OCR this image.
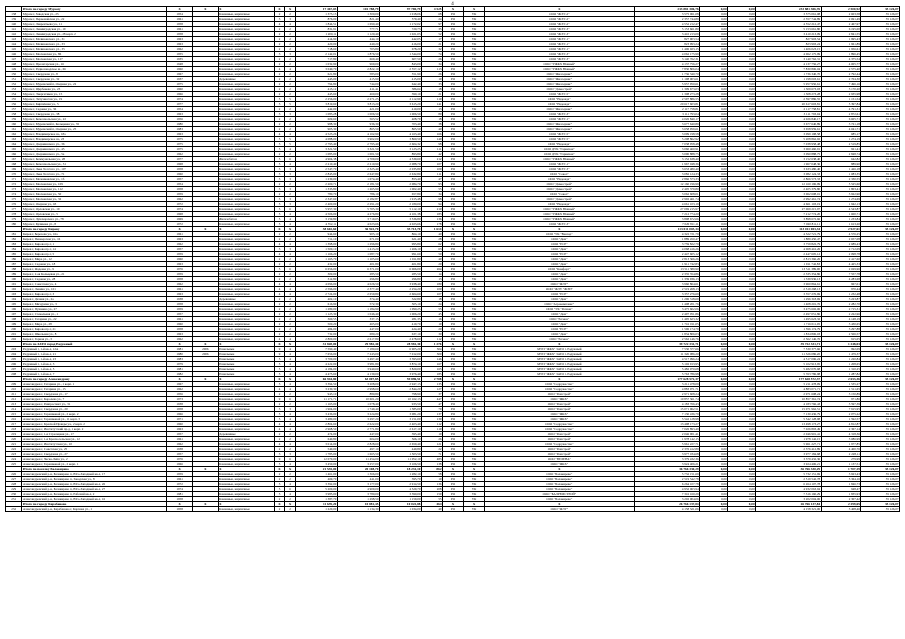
4
	Итого по городу Мурому	Х	Х	Х	Х	Х	17 467,03	101 788,79	97 769,79	4 525	Х	Х	Х	233 881 306,76	0,00	0,00	233 881 306,76	2 500,92	35 126,07
138	Муром г, Заводская ул., 23	1954		Каменные, кирпичные	2	2	1 373,13	1 300,00	1 018,06	68	РО	УК	ООО "ЖЭУ-2"	3 575 061,08	0,00	0,00	3 575 061,08	2 603,58	35 126,07
139	Муром г, Первомайская ул., 22	1961		Каменные, кирпичные	3	3	876,00	821,40	579,40	24	РО	УК	ООО "ЖЭУ-2"	2 357 744,89	0,00	0,00	2 357 744,89	2 691,49	35 126,07
140	Муром г, Лаврентьева ул., 11	1958		Каменные, кирпичные	4	4	1 844,51	1 690,40	1 172,02	97	РО	УК	ООО "ЖЭУ-2"	4 552 212,47	0,00	0,00	4 552 212,47	2 467,97	35 126,07
141	Муром г, Ленинградская ул., 19	1961		Каменные, кирпичные	2	2	831,91	777,71	720,73	35	РО	УК	ООО "ЖЭУ-3"	5 153 661,80	0,00	0,00	5 153 661,80	6 195,00	35 126,07
142	Муром г, Ленинградская ул., 28 корп. 2	1958		Каменные, кирпичные	2	2	1 200,11	1 120,40	1 021,03	52	РО	УК	ООО "ЖЭУ-3"	3 410 213,09	0,00	0,00	3 410 213,09	2 841,55	35 126,07
143	Муром г, Малиновского ул., 31	1963		Каменные, кирпичные	2	2	414,90	444,10	442,05	17	РО	УК	ООО "ЖЭУ-1"	827 903,54	0,00	0,00	827 903,54	1 995,43	35 126,07
144	Муром г, Малиновского ул., 33	1963		Каменные, кирпичные	2	2	420,00	440,20	416,00	21	РО	УК	ООО "ЖЭУ-1"	823 993,24	0,00	0,00	823 993,24	1 961,89	35 126,07
145	Муром г, Малиновского ул., 35	1962		Каменные, кирпичные	2	2	718,60	703,80	678,20	32	РО	УК	ООО "ЖЭУ-1"	1 406 023,15	0,00	0,00	1 406 023,15	1 956,61	35 126,07
146	Муром г, Московская ул., 86	1955		Каменные, кирпичные	3	3	2 142,01	1 876,50	1 344,00	74	РО	УК	ООО "ЖЭУ-3"	4 062 175,99	0,00	0,00	4 062 175,99	1 896,45	35 126,07
147	Муром г, Московская ул., 117	1935		Каменные, кирпичные	2	2	717,80	669,40	607,50	26	РО	УК	ООО "ЖЭУ-3"	3 140 762,31	0,00	0,00	3 140 762,31	4 375,54	35 126,07
148	Муром г, Пролетарская ул., 16	1948		Каменные, кирпичные	2	2	1 032,90	969,00	843,00	34	РО	УК	ООО "УЖКХ Южный"	4 137 756,27	0,00	0,00	4 137 756,27	4 005,77	35 126,07
149	Муром г, Радиозаводское ш., 66	1960		Каменные, кирпичные	4	4	3 040,70	2 822,10	2 557,12	113	РО	УК	ООО "УЖКХ Южный"	7 830 806,04	0,00	0,00	7 830 806,04	2 575,40	35 126,07
150	Муром г, Свердлова ул., 8	1967		Каменные, кирпичные	2	2	621,80	583,00	551,90	26	РО	УК	ООО "Жилсервис"	1 736 340,70	0,00	0,00	1 736 340,70	2 792,44	35 126,07
151	Муром г, Свердлова ул., 32	1937		Деревянные	2	2	443,00	415,90	415,00	19	РО	УК	ООО "Жилсервис"	1 198 003,61	0,00	0,00	1 198 003,61	2 704,30	35 126,07
152	Муром г, Муромский п, Озерная ул., 22	1975		Каменные, кирпичные	2	2	794,80	744,00	642,40	33	РО	УК	ООО "Жилсервис"	5 957 950,61	0,00	0,00	5 957 950,61	7 496,16	35 126,07
153	Муром г, Щербакова ул., 23	1960		Каменные, кирпичные	2	2	413,12	411,41	386,64	18	РО	УК	ООО "Домострой"	1 309 673,03	0,00	0,00	1 309 673,03	3 170,20	35 126,07
154	Муром г, Энергетиков ул., 15	1966		Каменные, кирпичные	2	2	445,60	460,00	390,10	21	РО	УК	ООО "ЖЭУ-5"	1 308 273,28	0,00	0,00	1 308 273,28	2 935,98	35 126,07
155	Муром г, Энтузиастов ул., 19	1974		Каменные, кирпичные	5	5	2 256,00	2 271,25	2 112,99	119	РО	УК	ООО "Надежда"	2 597 886,55	0,00	0,00	2 597 886,55	1 151,54	35 126,07
156	Муром г, Кирпичная ул., 5	1977		Каменные, кирпичные	5	5	3 819,60	3 813,20	3 615,20	141	РО	УК	ООО "Надежда"	20 617 603,81	0,00	0,00	20 617 603,81	5 397,84	35 126,07
157	Муром г, Садовая ул., 36	1954		Каменные, кирпичные	2	2	442,00	421,00	410,00	13	РО	УК	ООО "Жилсервис"	2 117 758,81	0,00	0,00	2 117 758,81	4 791,31	35 126,07
158	Муром г, Свердлова ул., 38	1963		Каменные, кирпичные	3	3	1 083,28	1 006,50	1 006,50	89	РО	УК	ООО "ЖЭУ-3"	3 111 793,04	0,00	0,00	3 111 793,04	2 872,61	35 126,07
159	Муром г, Комсомольская ул., 22	1956		Каменные, кирпичные	2	2	609,60	563,52	408,79	18	РО	УК	ООО "ЖЭУ-1"	4 026 840,17	0,00	0,00	4 026 840,17	6 605,71	35 126,07
160	Муром г, Муромский п, Кольцевая ул., 35	1980		Каменные, кирпичные	2	2	988,30	936,30	703,40	38	РО	УК	ООО "Жилсервис"	3 677 640,89	0,00	0,00	3 677 640,89	3 721,18	35 126,07
161	Муром г, Муромский п, Озерная ул., 25	1983		Каменные, кирпичные	2	2	905,30	865,50	865,50	40	РО	УК	ООО "Жилсервис"	3 658 959,61	0,00	0,00	3 658 959,61	4 041,71	35 126,07
162	Муром г, Владимирское ш., 18а	1963		Каменные, кирпичные	4	4	4 523,26	4 162,90	4 163,40	166	РО	УК	ООО "ЖЭУ-5"	3 099 198,58	0,00	0,00	3 099 198,58	685,17	35 126,07
163	Муром г, Владимирское ш., 23	1975		Каменные, кирпичные	5	5	4 088,00	3 902,00	3 860,50	149	РО	УК	ООО "ЖЭУ-5"	5 208 862,92	0,00	0,00	5 208 862,92	1 274,19	35 126,07
164	Муром г, Дзержинского ул., 36	1975		Каменные, кирпичные	5	5	2 793,40	2 795,40	2 604,32	98	РО	УК	ООО "Надежда"	7 038 958,48	0,00	0,00	7 038 958,48	2 519,85	35 126,07
165	Муром г, Дзержинского ул., 45	1975		Каменные, кирпичные	5	4	3 321,50	3 321,50	3 123,25	111	РО	УК	ООО ДУК "Гарнизон"	3 060 460,91	0,00	0,00	3 060 460,91	921,41	35 126,07
166	Муром г, Дзержинского ул., 5а	1962		Каменные, кирпичные	2	2	1 085,00	1 001,50	893,80	42	РО	УК	ООО ДУК "Гарнизон"	3 090 888,75	0,00	0,00	3 090 888,75	2 848,74	35 126,07
167	Муром г, Коммунальная ул., 28	1977		Железобетон	5	6	4 904,38	4 709,00	4 539,60	212	РО	УК	ООО "УЖКХ Южный"	3 152 638,40	0,00	0,00	3 152 638,40	642,82	35 126,07
168	Муром г, Комсомольская ул., 31	1968		Каменные, кирпичные	5	4	2 210,40	2 210,90	2 088,70	107	РО	УК	ООО "ЖЭУ-1"	1 967 048,36	0,00	0,00	1 967 048,36	889,90	35 126,07
169	Муром г, Льва Толстого ул., 107	1958		Каменные, кирпичные	3	3	2 547,70	2 325,40	2 035,80	109	РО	УК	ООО "ЖЭУ-3"	3 633 480,40	0,00	0,00	3 633 480,40	1 426,18	35 126,07
170	Муром г, Льва Толстого ул., 71	1960		Каменные, кирпичные	3	3	2 845,00	2 647,80	2 632,80	111	РО	УК	ООО "Сокол"	3 082 124,33	0,00	0,00	3 082 124,33	1 083,35	35 126,07
171	Муром г, Меленковская ул., 1б	1957		Каменные, кирпичные	3	3	1 230,00	1 074,40	853,40	47	РО	УК	ООО "Надежда"	2 866 573,33	0,00	0,00	2 866 573,33	2 330,55	35 126,07
172	Муром г, Московская ул., 109	1954		Каменные, кирпичные	2	2	2 200,71	2 181,50	2 084,70	93	РО	УК	ООО "Домострой"	12 160 196,99	0,00	0,00	12 160 196,99	5 525,60	35 126,07
173	Муром г, Московская ул., 112	1958		Каменные, кирпичные	3	3	1 333,80	1 265,90	1 002,40	55	РО	УК	ООО "Домострой"	2 405 379,80	0,00	0,00	2 405 379,80	1 803,41	35 126,07
174	Муром г, Московская ул., 50	1959		Каменные, кирпичные	2	2	780,70	786,10	657,80	34	РО	УК	ООО "Сокол"	3 062 608,01	0,00	0,00	3 062 608,01	3 922,90	35 126,07
175	Муром г, Московская ул., 32	1962		Каменные, кирпичные	3	3	2 347,60	2 182,87	1 915,48	98	РО	УК	ООО "Домострой"	2 992 461,74	0,00	0,00	2 992 461,74	1 274,69	35 126,07
176	Муром г, Озерная ул., 63	1972		Каменные, кирпичные	5	3	2 400,00	2 291,20	2 180,00	94	РО	УК	ООО "Надежда"	4 661 103,19	0,00	0,00	4 661 103,19	1 942,13	35 126,07
177	Муром г, Орловская ул., 19	1974		Каменные, кирпичные	5	6	5 957,30	5 705,30	5 112,10	210	РО	УК	ООО "УЖКХ Южный"	27 069 215,97	0,00	0,00	27 069 215,97	4 543,87	35 126,07
178	Муром г, Орловская ул., 5	1968		Каменные, кирпичные	5	4	4 506,00	4 276,80	4 101,38	183	РО	УК	ООО "УЖКХ Южный"	7 212 774,20	0,00	0,00	7 212 774,20	1 600,71	35 126,07
179	Муром г, Луначарского ул., 78	1969		Железобетон	5	4	3 159,80	3 719,05	3 536,80	136	РО	УК	ООО "УЖКХ Южный"	3 898 672,66	0,00	0,00	3 898 672,66	1 233,84	35 126,07
180	Муром г, Куликова ул., 8	1972		Каменные, кирпичные	5	4	4 352,11	4 023,66	4 023,66	178	РО	УК	ООО "ЖЭУ-3"	7 020 811,11	0,00	0,00	7 020 811,11	1 613,20	35 126,07
	Итого по городу Кирову	Х	Х	Х	Х	Х	38 602,60	36 922,70	35 713,70	1 614	Х	Х	Х	113 011 003,34	0,00	0,00	113 011 003,34	2 927,61	35 126,07
181	Киров г, Березова ул., 16а	1961		Каменные, кирпичные	2	2	944,60	905,10	864,10	40	РО	УК	ООО "УК "Вектор"	4 322 721,79	0,00	0,00	4 322 721,79	4 576,25	35 126,07
182	Киров г, Пионерская ул., 16	1963		Каменные, кирпичные	2	2	711,10	671,00	621,40	28	РО	УК	ООО "Дом"	1 889 450,47	0,00	0,00	1 889 450,47	2 657,08	35 126,07
183	Киров г, Кирова пр-т, 1	1962		Каменные, кирпичные	4	4	1 398,00	1 296,80	995,80	62	РО	УК	ООО "ЕСР"	3 759 822,79	0,00	0,00	3 759 822,79	2 689,43	35 126,07
184	Киров г, Кирова пр-т, 14	1957		Каменные, кирпичные	3	3	1 500,10	1 413,20	1 266,10	63	РО	УК	ООО "Дом"	4 068 416,26	0,00	0,00	4 068 416,26	2 712,09	35 126,07
185	Киров г, Кирова пр-т, 5	1959		Каменные, кирпичные	4	4	1 166,20	1 087,70	991,60	50	РО	УК	ООО "ЕСР"	2 447 605,12	0,00	0,00	2 447 605,12	2 098,78	35 126,07
186	Киров г, Мира ул., 12	1960		Каменные, кирпичные	2	2	1 163,70	1 105,60	1 011,80	49	РО	УК	ООО "Дом"	2 813 366,26	0,00	0,00	2 813 366,26	2 417,60	35 126,07
187	Киров г, Садовая ул., 18	1963		Каменные, кирпичные	2	2	432,00	401,80	401,80	20	РО	УК	ООО "Дом"	1 911 742,83	0,00	0,00	1 911 742,83	4 425,33	35 126,07
188	Киров г, Фадеева ул., 9	1976		Каменные, кирпичные	5	6	6 656,00	6 371,00	6 066,00	264	РО	УК	ООО "Комфорт"	13 511 389,90	0,00	0,00	13 511 389,90	2 029,96	35 126,07
189	Киров г, 2-ая Кольцевая ул., 21	1959		Каменные, кирпичные	2	2	309,00	285,50	285,50	14	РО	УК	ООО "Дом"	2 335 354,86	0,00	0,00	2 335 354,86	7 557,78	35 126,07
190	Киров г, Садовая ул., 28	1958		Каменные, кирпичные	2	2	312,80	296,80	296,80	13	РО	УК	ООО "Дом"	1 339 936,13	0,00	0,00	1 339 936,13	4 283,68	35 126,07
191	Киров г, Советская ул., 4	1962		Каменные, кирпичные	4	4	4 096,00	4 026,50	3 938,40	180	РО	УК	ООО "ЖЭУ"	3 960 864,61	0,00	0,00	3 960 864,61	967,01	35 126,07
192	Киров г, Ленина ул., 101	1961		Каменные, кирпичные	4	4	2 596,00	2 377,40	2 254,20	100	РО	УК	ООО "ЖЭУ "ЖЭП"	2 519 268,13	0,00	0,00	2 519 268,13	970,44	35 126,07
193	Киров г, Кирова пр-т, 3	1963		Каменные, кирпичные	4	4	2 724,00	2 659,80	2 604,60	107	РО	УК	ООО "ЕСР"	3 357 276,69	0,00	0,00	3 357 276,69	1 232,48	35 126,07
194	Киров г, Дачная ул., 2а	1938		Деревянные	2	2	402,10	374,40	322,80	18	РО	УК	ООО "Дом"	1 296 318,69	0,00	0,00	1 296 318,69	3 223,87	35 126,07
195	Киров г, Мичурина ул., 3	1958		Каменные, кирпичные	2	2	616,90	572,30	505,10	24	РО	УК	ООО "Агрокомплекс"	1 408 201,76	0,00	0,00	1 408 201,76	2 282,70	35 126,07
196	Киров г, Пушкина ул., 27	1959		Каменные, кирпичные	2	2	1 280,00	1 184,90	1 090,25	55	РО	УК	ООО "УК "Регион"	3 475 602,06	0,00	0,00	3 475 602,06	2 715,31	35 126,07
197	Киров г, Стекольная ул., 1	1957		Каменные, кирпичные	2	2	1 123,30	1 046,40	1 006,20	45	РО	УК	ООО "Дом"	2 497 051,86	0,00	0,00	2 497 051,86	2 222,96	35 126,07
198	Киров г, Гагарина ул., 22	1961		Каменные, кирпичные	2	2	360,55	337,15	281,35	16	РО	УК	ООО "Регион"	1 495 623,32	0,00	0,00	1 495 623,32	4 148,19	35 126,07
199	Киров г, Мира ул., 28	1960		Каменные, кирпичные	2	2	500,20	465,00	419,70	19	РО	УК	ООО "Дом"	1 716 011,05	0,00	0,00	1 716 011,05	3 430,65	35 126,07
200	Киров г, Кирова пр-т, 21	1958		Каменные, кирпичные	2	2	484,00	447,00	424,40	20	РО	УК	ООО "ЕСР"	1 596 174,79	0,00	0,00	1 596 174,79	3 297,88	35 126,07
201	Киров г, Школьная ул., 8	1963		Каменные, кирпичные	2	2	732,00	680,20	637,10	30	РО	УК	ООО "Дом"	1 834 806,03	0,00	0,00	1 834 806,03	2 506,57	35 126,07
202	Киров г, Горная ул., 3	1962		Каменные, кирпичные	4	4	2 800,00	2 617,80	2 478,60	112	РО	УК	ООО "Регион"	2 562 146,76	0,00	0,00	2 562 146,76	915,05	35 126,07
	Итого по ЗАТО город Радужный	Х	Х	Х	Х	Х	31 828,00	29 982,40	28 981,30	1 276	Х	Х	Х	39 722 331,71	0,00	0,00	39 722 331,71	1 248,03	35 126,07
203	Радужный г, 1-й кв-л, 12А	1981	2006	Панельные	9	4	7 590,40	7 180,60	6 905,20	304	РО	УК	МУП "ЖКХ" ЗАТО г. Радужный	7 530 377,66	0,00	0,00	7 530 377,66	992,09	35 126,07
204	Радужный г, 1-й кв-л, 21	1980	2006	Панельные	9	4	7 656,00	7 243,00	7 012,00	309	РО	УК	МУП "ЖКХ" ЗАТО г. Радужный	11 326 086,20	0,00	0,00	11 326 086,20	1 479,37	35 126,07
205	Радужный г, 1-й кв-л, 23	1983		Панельные	5	4	3 700,00	3 497,40	3 393,60	146	РО	УК	МУП "ЖКХ" ЗАТО г. Радужный	4 517 096,24	0,00	0,00	4 517 096,24	1 220,84	35 126,07
206	Радужный г, 1-й кв-л, 3	1979		Панельные	5	4	4 222,00	3 981,80	3 874,10	167	РО	УК	МУП "ЖКХ" ЗАТО г. Радужный	5 102 913,95	0,00	0,00	5 102 913,95	1 208,65	35 126,07
207	Радужный г, 1-й кв-л, 5	1981		Панельные	5	4	4 184,00	3 940,60	3 820,00	165	РО	УК	МУП "ЖКХ" ЗАТО г. Радужный	5 482 070,68	0,00	0,00	5 482 070,68	1 310,25	35 126,07
208	Радужный г, 1-й кв-л, 7	1982		Панельные	5	4	4 475,60	4 139,00	3 976,40	185	РО	УК	МУП "ЖКХ" ЗАТО г. Радужный	5 763 786,98	0,00	0,00	5 763 786,98	1 287,82	35 126,07
	Итого по городу Александрову	Х	Х	Х	Х	Х	66 944,80	63 007,85	59 896,51	2 708	Х	Х	Х	177 628 572,37	0,00	0,00	177 628 572,37	2 653,36	35 126,07
209	Александров г, Гагарина ул., 1 корп. 1	1967		Каменные, кирпичные	5	4	3 394,50	3 208,00	2 947,13	135	РО	УК	ООО "Содружество"	5 211 478,09	0,00	0,00	5 211 478,09	1 535,27	35 126,07
210	Александров г, Гагарина ул., 15	1962		Каменные, кирпичные	4	4	3 230,30	2 998,60	2 844,20	127	РО	УК	ООО "Содружество"	4 883 071,71	0,00	0,00	4 883 071,71	1 511,65	35 126,07
211	Александров г, Свердлова ул., 17	1956		Каменные, кирпичные	2	2	943,10	880,80	798,90	37	РО	УК	ООО "Ремстрой"	2 971 608,24	0,00	0,00	2 971 608,24	3 150,89	35 126,07
212	Александров г, Королева ул., 7	1973		Каменные, кирпичные	9	6	11 171,71	10 601,20	10 162,13	447	РО	УК	ООО "ЖКХ"	10 857 361,74	0,00	0,00	10 857 361,74	971,86	35 126,07
213	Александров г, Ревпроспект ул., 31	1938		Каменные, кирпичные	2	2	1 163,00	1 078,40	933,50	47	РО	УК	ООО "Ремстрой"	4 183 766,43	0,00	0,00	4 183 766,43	3 597,39	35 126,07
214	Александров г, Свердлова ул., 20	1958		Каменные, кирпичные	3	3	1 904,00	1 749,40	1 585,00	79	РО	УК	ООО "Ремстрой"	15 071 962,51	0,00	0,00	15 071 962,51	7 915,95	35 126,07
215	Александров г, Терешковой ул., 2 корп. 2	1966		Каменные, кирпичные	5	4	3 436,00	3 224,80	3 081,20	137	РО	УК	ООО "ЖКХ"	7 130 436,79	0,00	0,00	7 130 436,79	2 075,22	35 126,07
216	Александров г, Терешковой ул., 11 корп. 3	1971		Каменные, кирпичные	5	4	3 480,00	3 297,20	3 151,00	139	РО	УК	ООО "ЖКХ"	5 542 128,98	0,00	0,00	5 542 128,98	1 592,57	35 126,07
217	Александров г, Красной Правды ул., 2 корп. 2	1960		Каменные, кирпичные	4	4	2 804,60	2 622,00	2 403,40	112	РО	УК	ООО "Содружество"	13 498 173,27	0,00	0,00	13 498 173,27	4 812,87	35 126,07
218	Александров г, Институтский пр-д, 1 корп. 2	1963		Каменные, кирпичные	4	4	2 968,50	2 771,80	2 617,10	119	РО	УК	ООО "Содружество"	7 026 893,49	0,00	0,00	7 026 893,49	2 367,14	35 126,07
219	Александров г, 1-я Стрелецкая ул., 17	1957		Деревянные	2	2	474,00	447,00	395,40	19	РО	УК	ООО "Ремстрой"	2 046 901,41	0,00	0,00	2 046 901,41	4 318,36	35 126,07
220	Александров г, 1-я Красносельская ул., 12	1961		Каменные, кирпичные	2	2	640,80	604,00	566,10	26	РО	УК	ООО "Ремстрой"	1 978 142,15	0,00	0,00	1 978 142,15	3 086,99	35 126,07
221	Александров г, Институтская ул., 10	1962		Каменные, кирпичные	4	4	3 014,00	2 828,60	2 659,40	121	РО	УК	ООО "Содружество"	5 961 227,71	0,00	0,00	5 961 227,71	1 977,85	35 126,07
222	Александров г, Советская ул., 25	1938		Каменные, кирпичные	2	2	540,00	497,10	449,80	22	РО	УК	ООО "Ремстрой"	2 376 412,89	0,00	0,00	2 376 412,89	4 400,76	35 126,07
223	Александров г, Свердлова ул., 27	1957		Каменные, кирпичные	3	3	1 785,00	1 665,50	1 503,50	71	РО	УК	ООО "Ремстрой"	3 977 184,68	0,00	0,00	3 977 184,68	2 228,11	35 126,07
224	Александров г, Ческа-Липа ул., 2	1976		Каменные, кирпичные	9	6	12 070,00	11 454,00	11 052,10	483	РО	УК	ООО "ВЕЛЕНА"	3 379 432,36	0,00	0,00	3 379 432,36	279,99	35 126,07
225	Александров г, Терешковой ул., 2 корп. 1	1966		Каменные, кирпичные	5	4	3 450,00	3 257,00	3 106,50	138	РО	УК	ООО "ЖКХ"	3 924 406,21	0,00	0,00	3 924 406,21	1 137,51	35 126,07
	Итого по поселку Балакирево	Х	Х	Х	Х	Х	21 535,00	20 108,70	18 231,10	862	Х	Х	Х	36 766 330,29	0,00	0,00	36 766 330,29	1 707,29	35 126,07
226	Александровский р-н, Балакирево п, Юго-Западный кв-л, 17	1959		Каменные, кирпичные	2	2	1 461,00	1 366,00	1 282,10	58	РО	УК	ООО "Балакирево"	5 732 151,69	0,00	0,00	5 732 151,69	3 923,43	35 126,07
227	Александровский р-н, Балакирево п, Заводская ул., 8	1961		Каменные, кирпичные	2	2	469,70	441,00	395,70	19	РО	УК	ООО "Балакирево"	2 519 542,78	0,00	0,00	2 519 542,78	5 364,16	35 126,07
228	Александровский р-н, Балакирево п, Юго-Западный кв-л, 26	1972		Каменные, кирпичные	5	4	3 392,00	3 177,00	2 914,50	136	РО	УК	ООО "Балакирево"	6 264 107,78	0,00	0,00	6 264 107,78	1 846,73	35 126,07
229	Александровский р-н, Балакирево п, Юго-Западный кв-л, 27	1974		Каменные, кирпичные	5	6	5 200,00	4 909,00	4 529,70	208	РО	УК	ООО "Балакирево"	4 932 063,94	0,00	0,00	4 932 063,94	948,47	35 126,07
230	Александровский р-н, Балакирево п, Рабочий кв-л, 2	1981		Каменные, кирпичные	5	4	3 985,00	3 780,00	3 390,00	159	РО	УК	ООО "БАЛРЕМСТРОЙ"	7 316 160,29	0,00	0,00	7 316 160,29	1 835,93	35 126,07
231	Александровский р-н, Балакирево п, Юго-Западный кв-л, 16	1958		Каменные, кирпичные	2	2	1 387,70	1 298,50	1 159,00	55	РО	УК	ООО "Балакирево"	3 202 004,06	0,00	0,00	3 202 004,06	2 307,42	35 126,07
	Итого по городу Карабаново	Х	Х	Х	Х	Х	11 639,20	10 881,45	10 022,88	464	Х	Х	Х	26 766 137,84	0,00	0,00	26 766 137,84	2 299,65	35 126,07
232	Александровский р-н, Карабаново г, Карпова ул., 1	1958		Каменные, кирпичные	2	2	1 220,00	1 134,30	1 034,00	49	РО	УК	ООО "ЖЭУ"	4 158 321,06	0,00	0,00	4 158 321,06	3 408,46	35 126,07
